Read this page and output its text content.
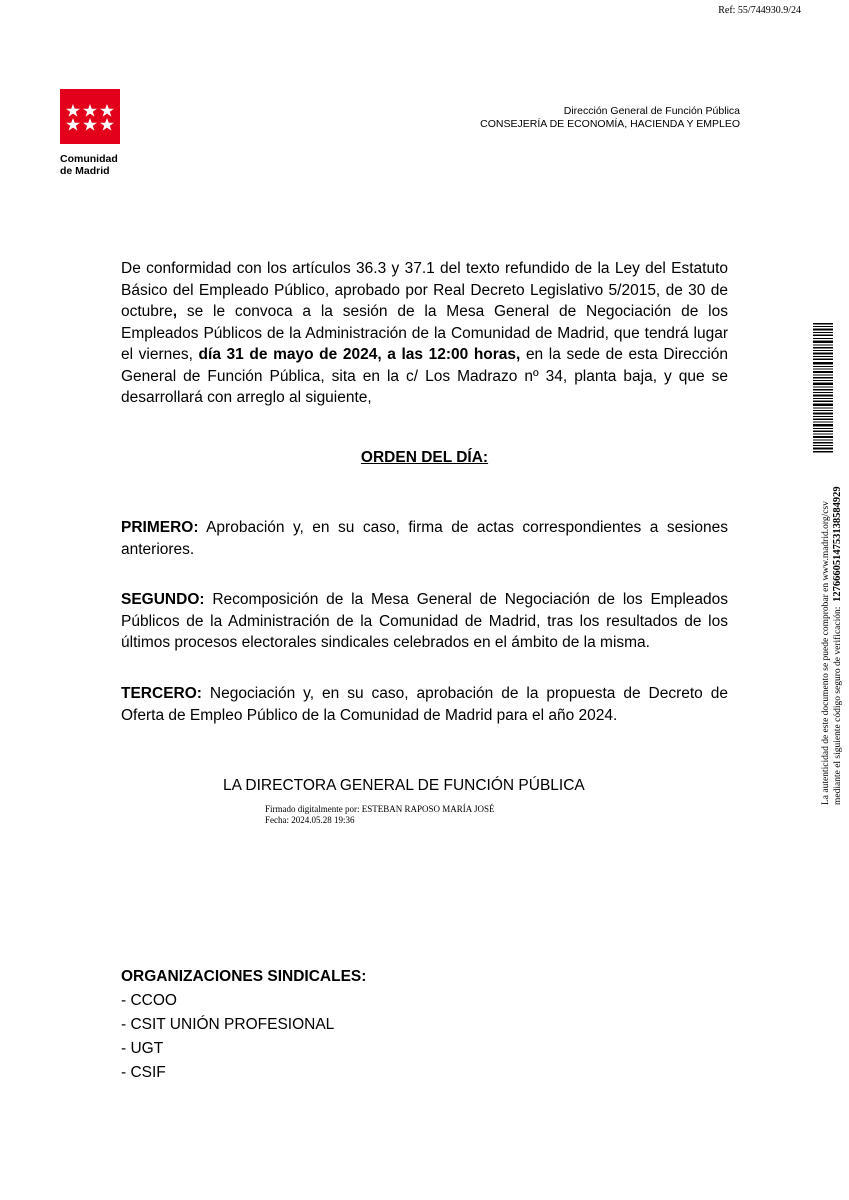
Ref: 55/744930.9/24
Comunidad
de Madrid
Dirección General de Función Pública
CONSEJERÍA DE ECONOMÍA, HACIENDA Y EMPLEO

De conformidad con los artículos 36.3 y 37.1 del texto refundido de la Ley del Estatuto Básico del Empleado Público, aprobado por Real Decreto Legislativo 5/2015, de 30 de octubre, se le convoca a la sesión de la Mesa General de Negociación de los Empleados Públicos de la Administración de la Comunidad de Madrid, que tendrá lugar el viernes, día 31 de mayo de 2024, a las 12:00 horas, en la sede de esta Dirección General de Función Pública, sita en la c/ Los Madrazo nº 34, planta baja, y que se desarrollará con arreglo al siguiente,

ORDEN DEL DÍA:

PRIMERO: Aprobación y, en su caso, firma de actas correspondientes a sesiones anteriores.

SEGUNDO: Recomposición de la Mesa General de Negociación de los Empleados Públicos de la Administración de la Comunidad de Madrid, tras los resultados de los últimos procesos electorales sindicales celebrados en el ámbito de la misma.

TERCERO: Negociación y, en su caso, aprobación de la propuesta de Decreto de Oferta de Empleo Público de la Comunidad de Madrid para el año 2024.

LA DIRECTORA GENERAL DE FUNCIÓN PÚBLICA
Firmado digitalmente por: ESTEBAN RAPOSO MARÍA JOSÉ
Fecha: 2024.05.28 19:36
ORGANIZACIONES SINDICALES:
- CCOO
- CSIT UNIÓN PROFESIONAL
- UGT
- CSIF
La autenticidad de este documento se puede comprobar en www.madrid.org/csv mediante el siguiente código seguro de verificación:  1276660514753138584929
